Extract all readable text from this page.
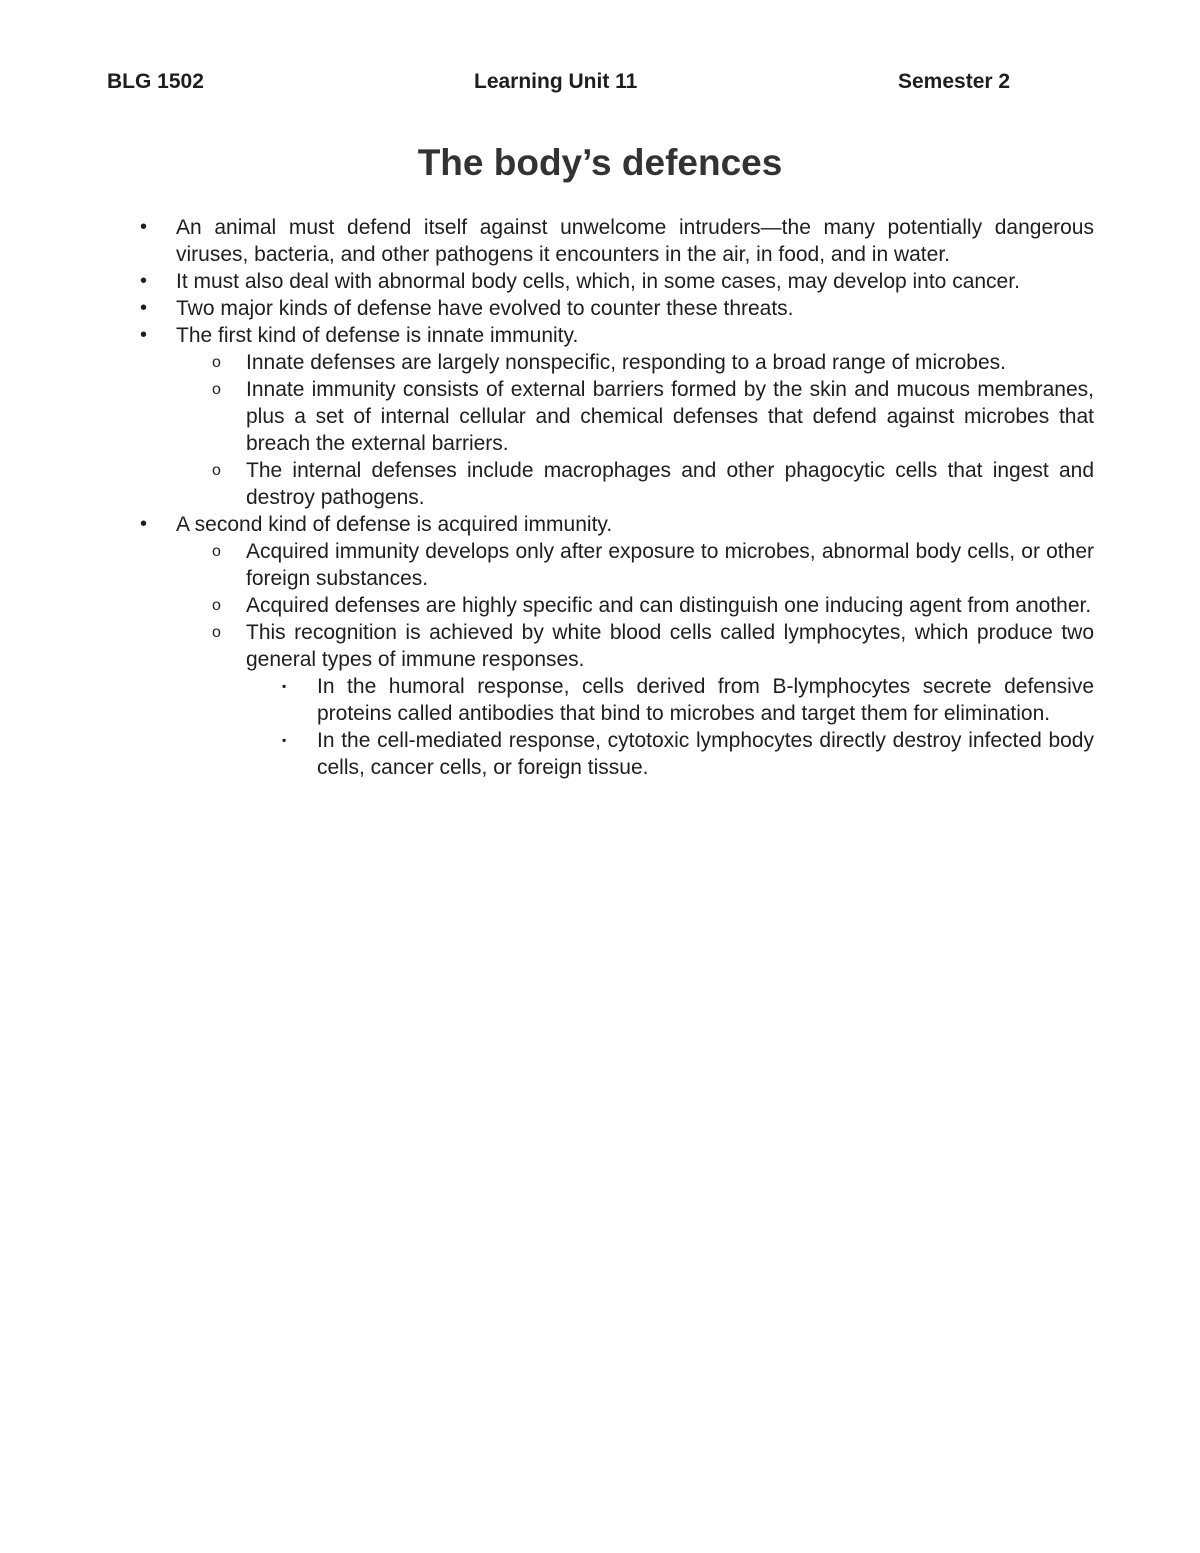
BLG 1502	Learning Unit 11	Semester 2
The body’s defences
• An animal must defend itself against unwelcome intruders—the many potentially dangerous viruses, bacteria, and other pathogens it encounters in the air, in food, and in water.
• It must also deal with abnormal body cells, which, in some cases, may develop into cancer.
• Two major kinds of defense have evolved to counter these threats.
• The first kind of defense is innate immunity.
o Innate defenses are largely nonspecific, responding to a broad range of microbes.
o Innate immunity consists of external barriers formed by the skin and mucous membranes, plus a set of internal cellular and chemical defenses that defend against microbes that breach the external barriers.
o The internal defenses include macrophages and other phagocytic cells that ingest and destroy pathogens.
• A second kind of defense is acquired immunity.
o Acquired immunity develops only after exposure to microbes, abnormal body cells, or other foreign substances.
o Acquired defenses are highly specific and can distinguish one inducing agent from another.
o This recognition is achieved by white blood cells called lymphocytes, which produce two general types of immune responses.
▪ In the humoral response, cells derived from B-lymphocytes secrete defensive proteins called antibodies that bind to microbes and target them for elimination.
▪ In the cell-mediated response, cytotoxic lymphocytes directly destroy infected body cells, cancer cells, or foreign tissue.
